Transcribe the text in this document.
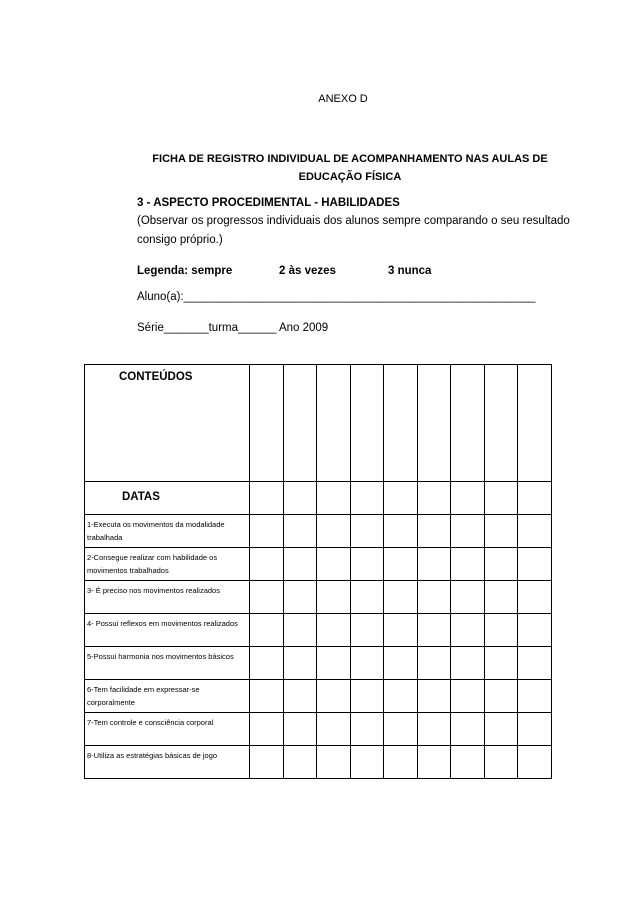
ANEXO D
FICHA DE REGISTRO INDIVIDUAL DE ACOMPANHAMENTO NAS AULAS DE
EDUCAÇÃO FÍSICA
3 - ASPECTO PROCEDIMENTAL - HABILIDADES
(Observar os progressos individuais dos alunos sempre comparando o seu resultado
consigo próprio.)
Legenda: sempre	2 às vezes	3 nunca
Aluno(a):_______________________________________________________
Série_______turma______ Ano 2009
CONTEÚDOS									

DATAS									

1-Executa os movimentos da modalidade trabalhada									

2-Consegue realizar com habilidade os movimentos trabalhados									

3- É preciso nos movimentos realizados									

4- Possui reflexos em movimentos realizados									

5-Possui harmonia nos movimentos básicos									

6-Tem facilidade em expressar-se corporalmente									

7-Tem controle e consciência corporal									

8-Utiliza as estratégias básicas de jogo									
